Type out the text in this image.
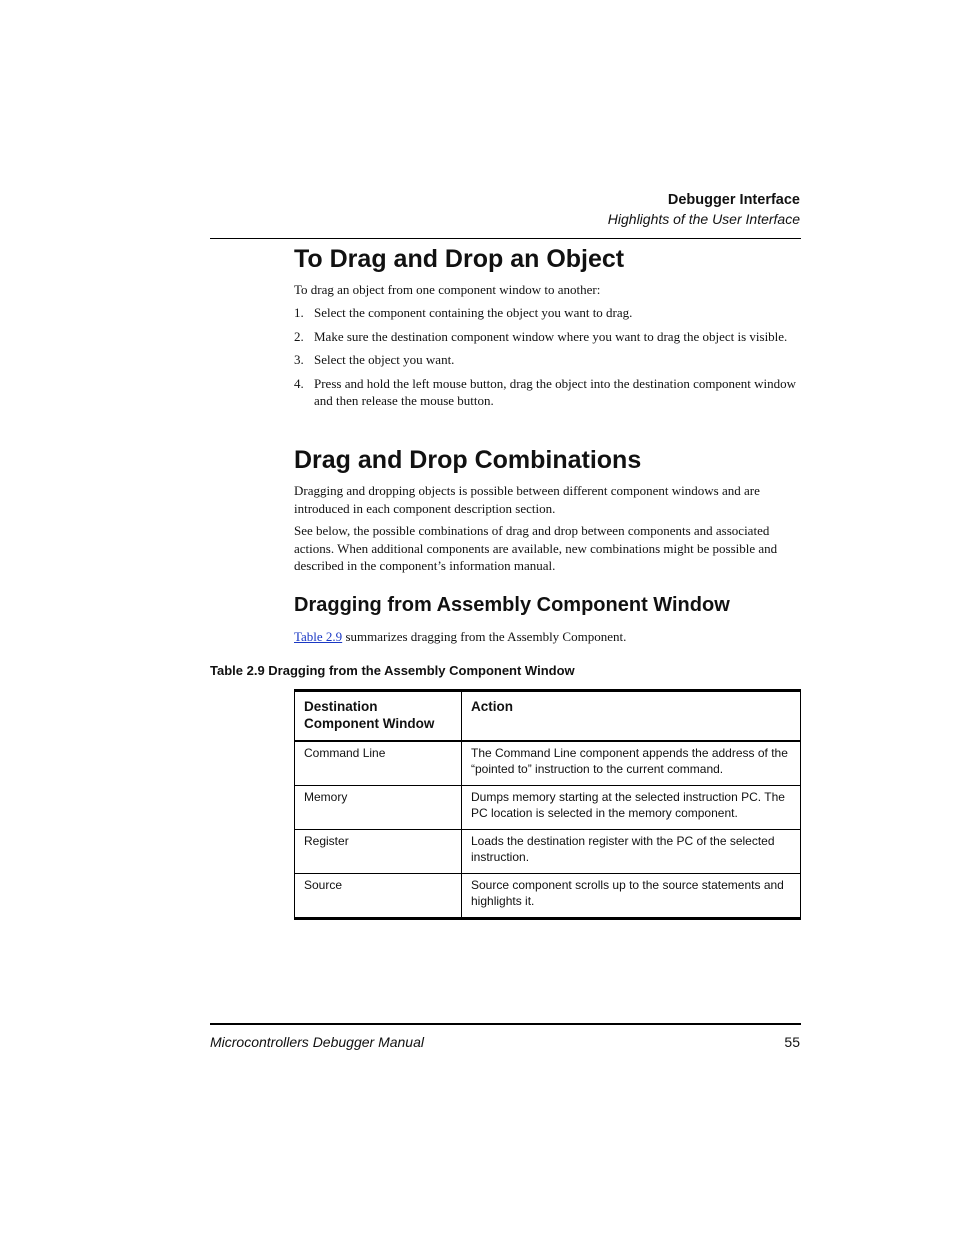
Debugger Interface
Highlights of the User Interface
To Drag and Drop an Object

To drag an object from one component window to another:

1. Select the component containing the object you want to drag.
2. Make sure the destination component window where you want to drag the object is visible.
3. Select the object you want.
4. Press and hold the left mouse button, drag the object into the destination component window and then release the mouse button.
Drag and Drop Combinations

Dragging and dropping objects is possible between different component windows and are introduced in each component description section.

See below, the possible combinations of drag and drop between components and associated actions. When additional components are available, new combinations might be possible and described in the component’s information manual.

Dragging from Assembly Component Window

Table 2.9 summarizes dragging from the Assembly Component.

Table 2.9 Dragging from the Assembly Component Window
Destination Component Window	Action
Command Line	The Command Line component appends the address of the “pointed to” instruction to the current command.
Memory	Dumps memory starting at the selected instruction PC. The PC location is selected in the memory component.
Register	Loads the destination register with the PC of the selected instruction.
Source	Source component scrolls up to the source statements and highlights it.
Microcontrollers Debugger Manual	55
